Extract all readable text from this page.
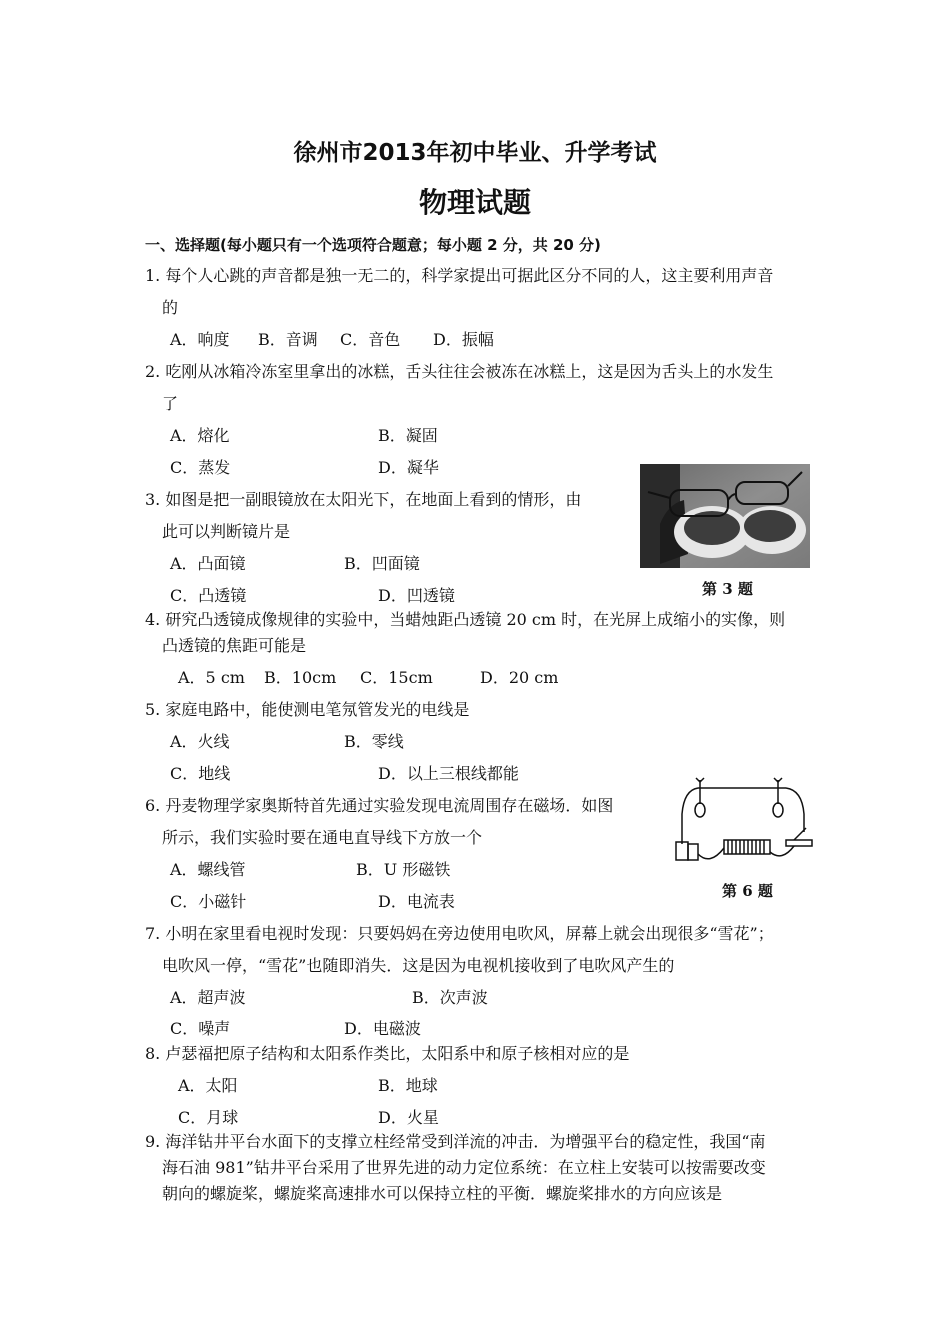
徐州市2013年初中毕业、升学考试
物理试题
一、选择题(每小题只有一个选项符合题意；每小题 2 分，共 20 分)
1. 每个人心跳的声音都是独一无二的，科学家提出可据此区分不同的人，这主要利用声音
的
A．响度 B．音调 C．音色 D．振幅
2. 吃刚从冰箱冷冻室里拿出的冰糕，舌头往往会被冻在冰糕上，这是因为舌头上的水发生
了
A．熔化	B．凝固
C．蒸发	D．凝华
3. 如图是把一副眼镜放在太阳光下，在地面上看到的情形，由
此可以判断镜片是
A．凸面镜	B．凹面镜
C．凸透镜	D．凹透镜	第 3 题
4. 研究凸透镜成像规律的实验中，当蜡烛距凸透镜 20 cm 时，在光屏上成缩小的实像，则
凸透镜的焦距可能是
A．5 cm B．10cm C．15cm	D．20 cm
5. 家庭电路中，能使测电笔氖管发光的电线是
A．火线	B．零线
C．地线	D．以上三根线都能
6. 丹麦物理学家奥斯特首先通过实验发现电流周围存在磁场．如图
所示，我们实验时要在通电直导线下方放一个
A．螺线管	B．U 形磁铁
C．小磁针	D．电流表
第 6 题
7. 小明在家里看电视时发现：只要妈妈在旁边使用电吹风，屏幕上就会出现很多“雪花”；
电吹风一停，“雪花”也随即消失．这是因为电视机接收到了电吹风产生的
A．超声波	B．次声波
C．噪声	D．电磁波
8. 卢瑟福把原子结构和太阳系作类比，太阳系中和原子核相对应的是
A．太阳	B．地球
C．月球	D．火星
9. 海洋钻井平台水面下的支撑立柱经常受到洋流的冲击．为增强平台的稳定性，我国“南
海石油 981”钻井平台采用了世界先进的动力定位系统：在立柱上安装可以按需要改变
朝向的螺旋桨，螺旋桨高速排水可以保持立柱的平衡．螺旋桨排水的方向应该是
